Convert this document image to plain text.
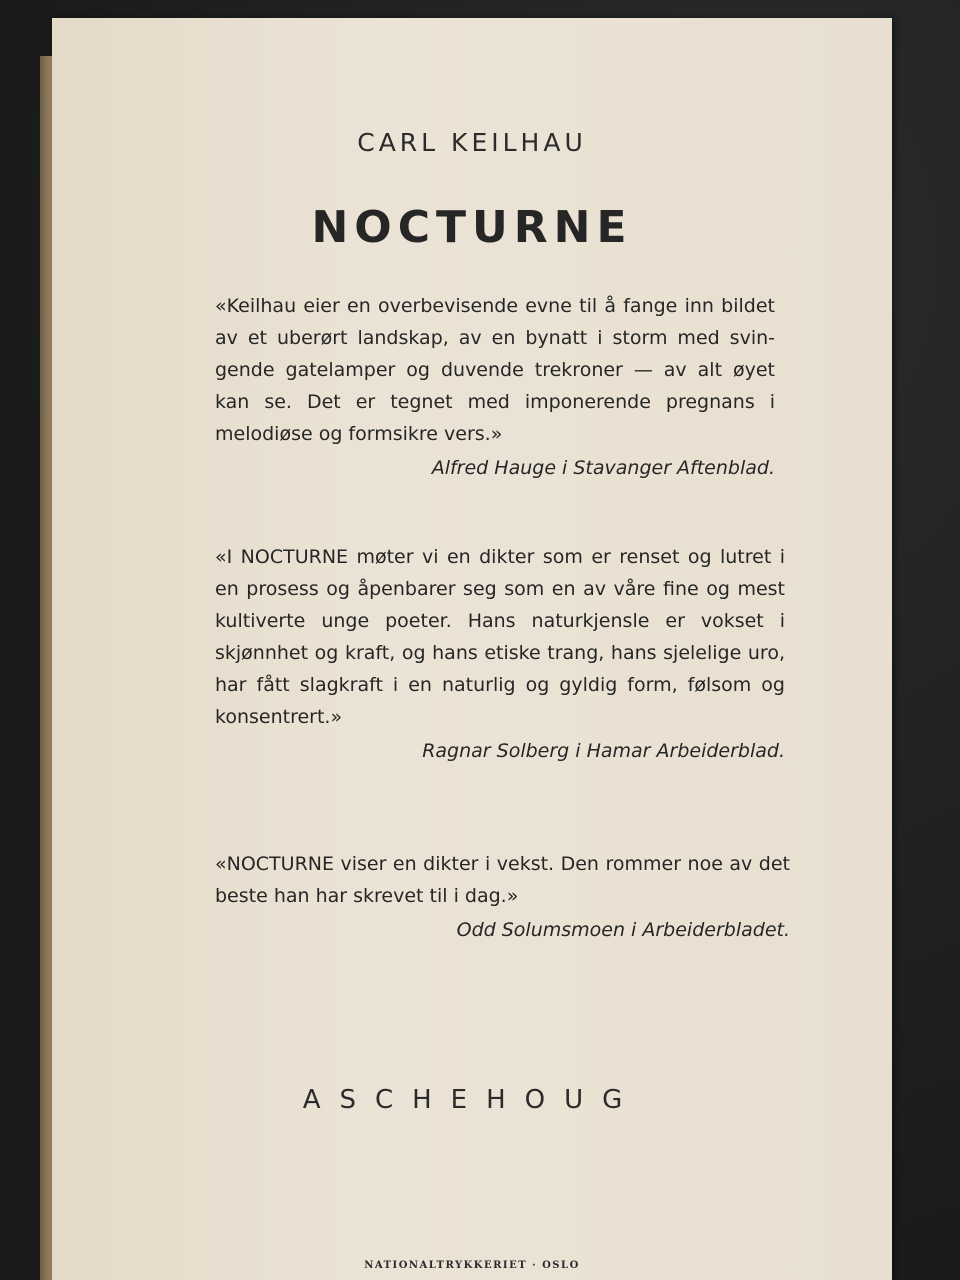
CARL KEILHAU
NOCTURNE

«Keilhau eier en overbevisende evne til å fange inn bildet av et uberørt landskap, av en bynatt i storm med svingende gatelamper og duvende trekroner — av alt øyet kan se. Det er tegnet med imponerende pregnans i melodiøse og formsikre vers.»

Alfred Hauge i Stavanger Aftenblad.

«I NOCTURNE møter vi en dikter som er renset og lutret i en prosess og åpenbarer seg som en av våre fine og mest kultiverte unge poeter. Hans naturkjensle er vokset i skjønnhet og kraft, og hans etiske trang, hans sjelelige uro, har fått slagkraft i en naturlig og gyldig form, følsom og konsentrert.»

Ragnar Solberg i Hamar Arbeiderblad.

«NOCTURNE viser en dikter i vekst. Den rommer noe av det beste han har skrevet til i dag.»

Odd Solumsmoen i Arbeiderbladet.
ASCHEHOUG
NATIONALTRYKKERIET · OSLO
